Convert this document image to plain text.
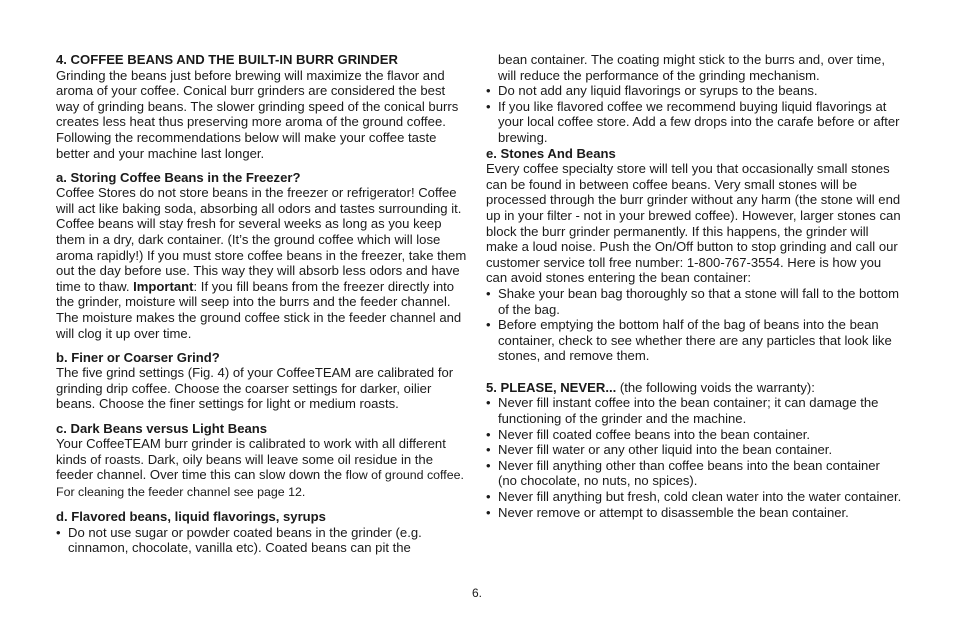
4. COFFEE BEANS AND THE BUILT-IN BURR GRINDER

Grinding the beans just before brewing will maximize the flavor and aroma of your coffee. Conical burr grinders are considered the best way of grinding beans. The slower grinding speed of the conical burrs creates less heat thus preserving more aroma of the ground coffee. Following the recommendations below will make your coffee taste better and your machine last longer.

a. Storing Coffee Beans in the Freezer?

Coffee Stores do not store beans in the freezer or refrigerator! Coffee will act like baking soda, absorbing all odors and tastes surrounding it. Coffee beans will stay fresh for several weeks as long as you keep them in a dry, dark container. (It’s the ground coffee which will lose aroma rapidly!) If you must store coffee beans in the freezer, take them out the day before use. This way they will absorb less odors and have time to thaw. Important: If you fill beans from the freezer directly into the grinder, moisture will seep into the burrs and the feeder channel. The moisture makes the ground coffee stick in the feeder channel and will clog it up over time.

b. Finer or Coarser Grind?

The five grind settings (Fig. 4) of your CoffeeTEAM are calibrated for grinding drip coffee. Choose the coarser settings for darker, oilier beans. Choose the finer settings for light or medium roasts.

c. Dark Beans versus Light Beans

Your CoffeeTEAM burr grinder is calibrated to work with all different kinds of roasts. Dark, oily beans will leave some oil residue in the feeder channel. Over time this can slow down the flow of ground coffee. For cleaning the feeder channel see page 12.

d. Flavored beans, liquid flavorings, syrups

• Do not use sugar or powder coated beans in the grinder (e.g. cinnamon, chocolate, vanilla etc). Coated beans can pit the

bean container. The coating might stick to the burrs and, over time, will reduce the performance of the grinding mechanism.

• Do not add any liquid flavorings or syrups to the beans.
• If you like flavored coffee we recommend buying liquid flavorings at your local coffee store. Add a few drops into the carafe before or after brewing.

e. Stones And Beans

Every coffee specialty store will tell you that occasionally small stones can be found in between coffee beans. Very small stones will be processed through the burr grinder without any harm (the stone will end up in your filter - not in your brewed coffee). However, larger stones can block the burr grinder permanently. If this happens, the grinder will make a loud noise. Push the On/Off button to stop grinding and call our customer service toll free number: 1-800-767-3554. Here is how you can avoid stones entering the bean container:

• Shake your bean bag thoroughly so that a stone will fall to the bottom of the bag.
• Before emptying the bottom half of the bag of beans into the bean container, check to see whether there are any particles that look like stones, and remove them.

5. PLEASE, NEVER... (the following voids the warranty):

• Never fill instant coffee into the bean container; it can damage the functioning of the grinder and the machine.
• Never fill coated coffee beans into the bean container.
• Never fill water or any other liquid into the bean container.
• Never fill anything other than coffee beans into the bean container (no chocolate, no nuts, no spices).
• Never fill anything but fresh, cold clean water into the water container.
• Never remove or attempt to disassemble the bean container.
6.
